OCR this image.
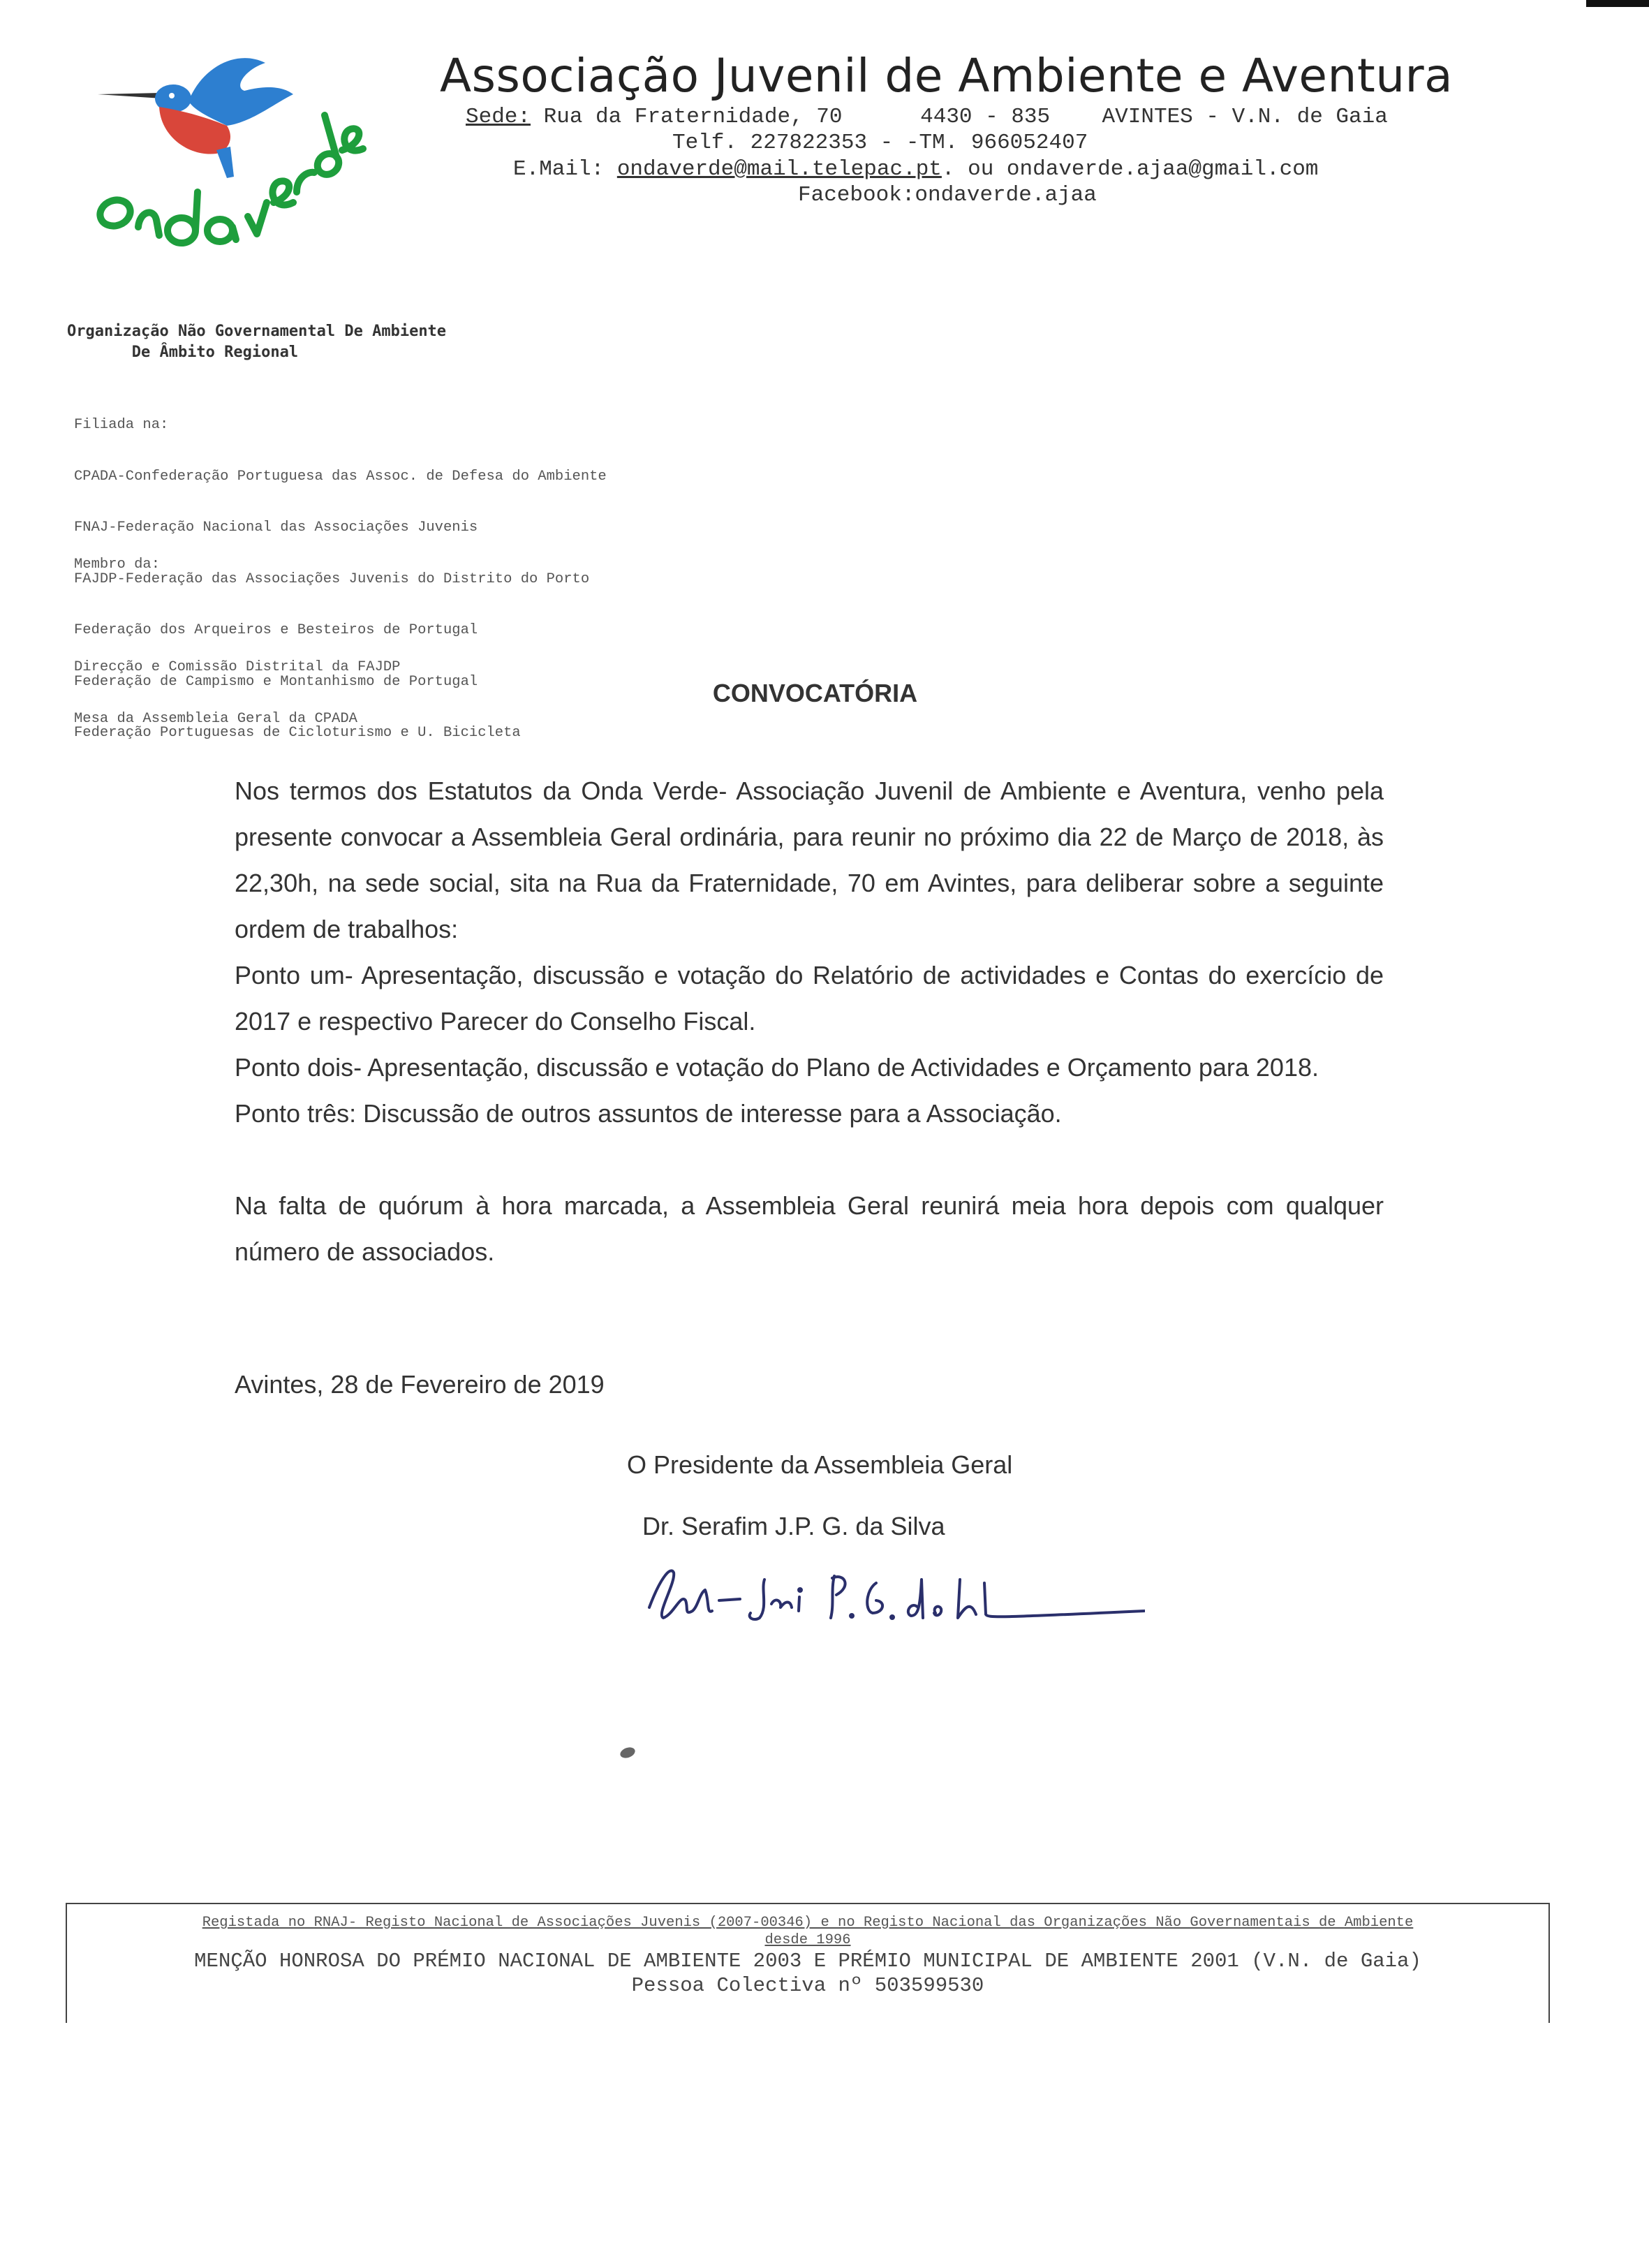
Associação Juvenil de Ambiente e Aventura
Sede: Rua da Fraternidade, 70      4430 - 835    AVINTES - V.N. de Gaia
Telf. 227822353 - -TM. 966052407
E.Mail: ondaverde@mail.telepac.pt. ou ondaverde.ajaa@gmail.com
Facebook:ondaverde.ajaa
Organização Não Governamental De Ambiente
De Âmbito Regional

Filiada na:

CPADA-Confederação Portuguesa das Assoc. de Defesa do Ambiente

FNAJ-Federação Nacional das Associações Juvenis

FAJDP-Federação das Associações Juvenis do Distrito do Porto

Federação dos Arqueiros e Besteiros de Portugal

Federação de Campismo e Montanhismo de Portugal

Federação Portuguesas de Cicloturismo e U. Bicicleta

Membro da:

Direcção e Comissão Distrital da FAJDP

Mesa da Assembleia Geral da CPADA

CONVOCATÓRIA

Nos termos dos Estatutos da Onda Verde- Associação Juvenil de Ambiente e Aventura, venho pela presente convocar a Assembleia Geral ordinária, para reunir no próximo dia 22 de Março de 2018, às 22,30h, na sede social, sita na Rua da Fraternidade, 70 em Avintes, para deliberar sobre a seguinte ordem de trabalhos:

Ponto um- Apresentação, discussão e votação do Relatório de actividades e Contas do exercício de 2017 e respectivo Parecer do Conselho Fiscal.

Ponto dois- Apresentação, discussão e votação do Plano de Actividades e Orçamento para 2018.

Ponto três: Discussão de outros assuntos de interesse para a Associação.

Na falta de quórum à hora marcada, a Assembleia Geral reunirá meia hora depois com qualquer número de associados.

Avintes, 28 de Fevereiro de 2019
O Presidente da Assembleia Geral
Dr. Serafim J.P. G. da Silva
Registada no RNAJ- Registo Nacional de Associações Juvenis (2007-00346) e no Registo Nacional das Organizações Não Governamentais de Ambiente
desde 1996
MENÇÃO HONROSA DO PRÉMIO NACIONAL DE AMBIENTE 2003 E PRÉMIO MUNICIPAL DE AMBIENTE 2001 (V.N. de Gaia)
Pessoa Colectiva nº 503599530
